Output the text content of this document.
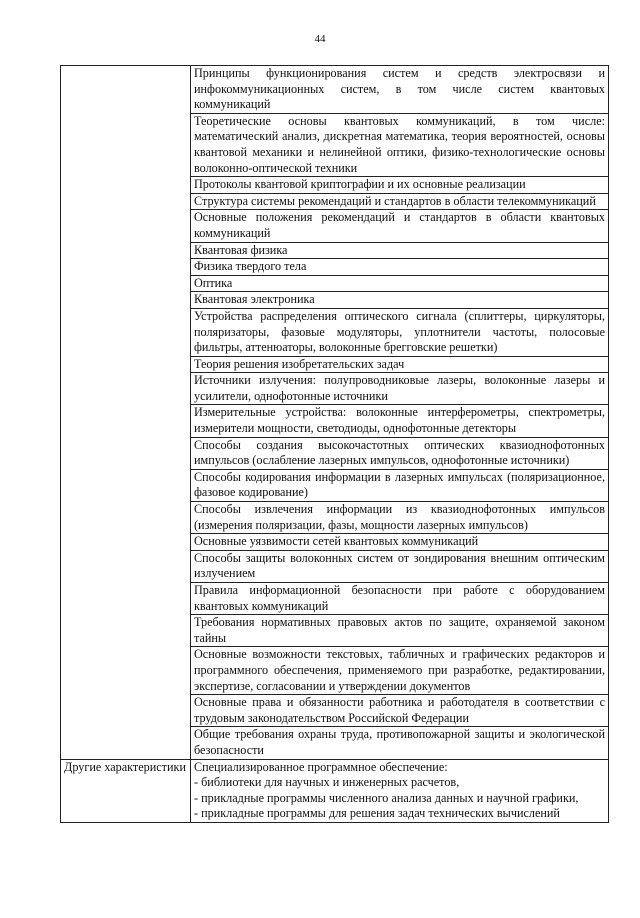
44
	Принципы функционирования систем и средств электросвязи и инфокоммуникационных систем, в том числе систем квантовых коммуникаций
	Теоретические основы квантовых коммуникаций, в том числе: математический анализ, дискретная математика, теория вероятностей, основы квантовой механики и нелинейной оптики, физико-технологические основы волоконно-оптической техники
	Протоколы квантовой криптографии и их основные реализации
	Структура системы рекомендаций и стандартов в области телекоммуникаций
	Основные положения рекомендаций и стандартов в области квантовых коммуникаций
	Квантовая физика
	Физика твердого тела
	Оптика
	Квантовая электроника
	Устройства распределения оптического сигнала (сплиттеры, циркуляторы, поляризаторы, фазовые модуляторы, уплотнители частоты, полосовые фильтры, аттенюаторы, волоконные брегговские решетки)
	Теория решения изобретательских задач
	Источники излучения: полупроводниковые лазеры, волоконные лазеры и усилители, однофотонные источники
	Измерительные устройства: волоконные интерферометры, спектрометры, измерители мощности, светодиоды, однофотонные детекторы
	Способы создания высокочастотных оптических квазиоднофотонных импульсов (ослабление лазерных импульсов, однофотонные источники)
	Способы кодирования информации в лазерных импульсах (поляризационное, фазовое кодирование)
	Способы извлечения информации из квазиоднофотонных импульсов (измерения поляризации, фазы, мощности лазерных импульсов)
	Основные уязвимости сетей квантовых коммуникаций
	Способы защиты волоконных систем от зондирования внешним оптическим излучением
	Правила информационной безопасности при работе с оборудованием квантовых коммуникаций
	Требования нормативных правовых актов по защите, охраняемой законом тайны
	Основные возможности текстовых, табличных и графических редакторов и программного обеспечения, применяемого при разработке, редактировании, экспертизе, согласовании и утверждении документов
	Основные права и обязанности работника и работодателя в соответствии с трудовым законодательством Российской Федерации
	Общие требования охраны труда, противопожарной защиты и экологической безопасности
Другие характеристики	Специализированное программное обеспечение:
- библиотеки для научных и инженерных расчетов,
- прикладные программы численного анализа данных и научной графики,
- прикладные программы для решения задач технических вычислений
